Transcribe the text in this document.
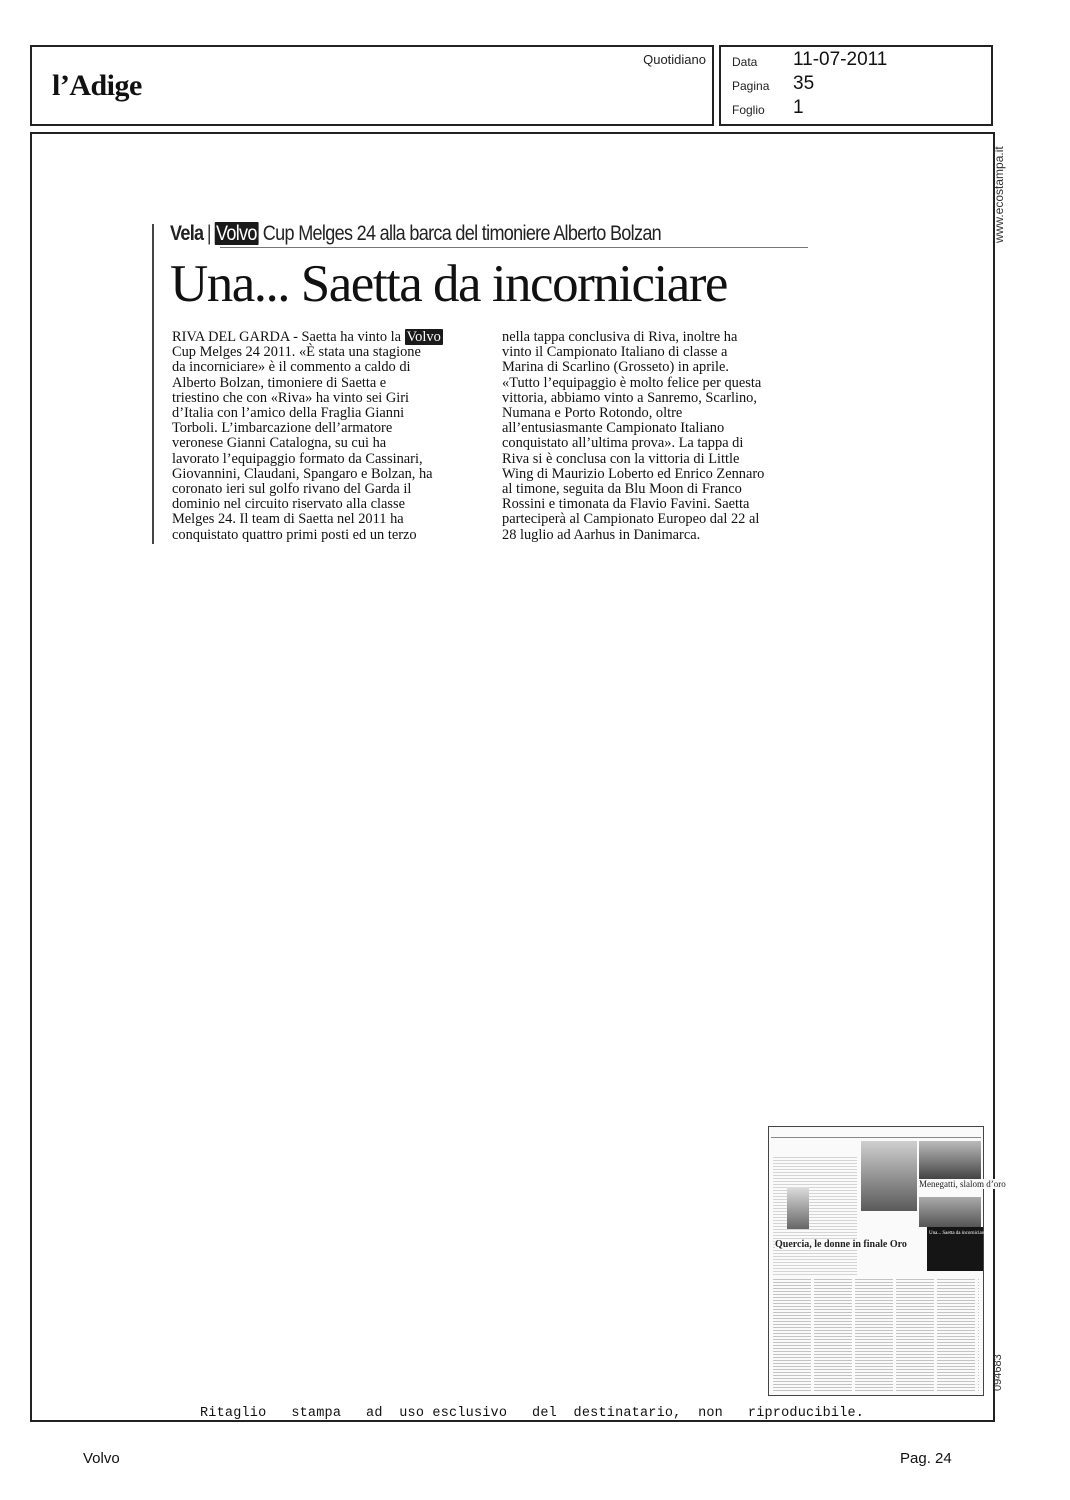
l’Adige
Quotidiano Data 11-07-2011
Pagina 35
Foglio 1
www.ecostampa.it
094683
Vela | Volvo Cup Melges 24 alla barca del timoniere Alberto Bolzan
Una... Saetta da incorniciare
RIVA DEL GARDA - Saetta ha vinto la Volvo
Cup Melges 24 2011. «È stata una stagione
da incorniciare» è il commento a caldo di
Alberto Bolzan, timoniere di Saetta e
triestino che con «Riva» ha vinto sei Giri
d’Italia con l’amico della Fraglia Gianni
Torboli. L’imbarcazione dell’armatore
veronese Gianni Catalogna, su cui ha
lavorato l’equipaggio formato da Cassinari,
Giovannini, Claudani, Spangaro e Bolzan, ha
coronato ieri sul golfo rivano del Garda il
dominio nel circuito riservato alla classe
Melges 24. Il team di Saetta nel 2011 ha
conquistato quattro primi posti ed un terzo
nella tappa conclusiva di Riva, inoltre ha
vinto il Campionato Italiano di classe a
Marina di Scarlino (Grosseto) in aprile.
«Tutto l’equipaggio è molto felice per questa
vittoria, abbiamo vinto a Sanremo, Scarlino,
Numana e Porto Rotondo, oltre
all’entusiasmante Campionato Italiano
conquistato all’ultima prova». La tappa di
Riva si è conclusa con la vittoria di Little
Wing di Maurizio Loberto ed Enrico Zennaro
al timone, seguita da Blu Moon di Franco
Rossini e timonata da Flavio Favini. Saetta
parteciperà al Campionato Europeo dal 22 al
28 luglio ad Aarhus in Danimarca.
Menegatti, slalom d’oro
Una... Saetta da incorniciare
Quercia, le donne in finale Oro
Ritaglio   stampa   ad  uso esclusivo   del  destinatario,  non   riproducibile.
Volvo	Pag. 24
